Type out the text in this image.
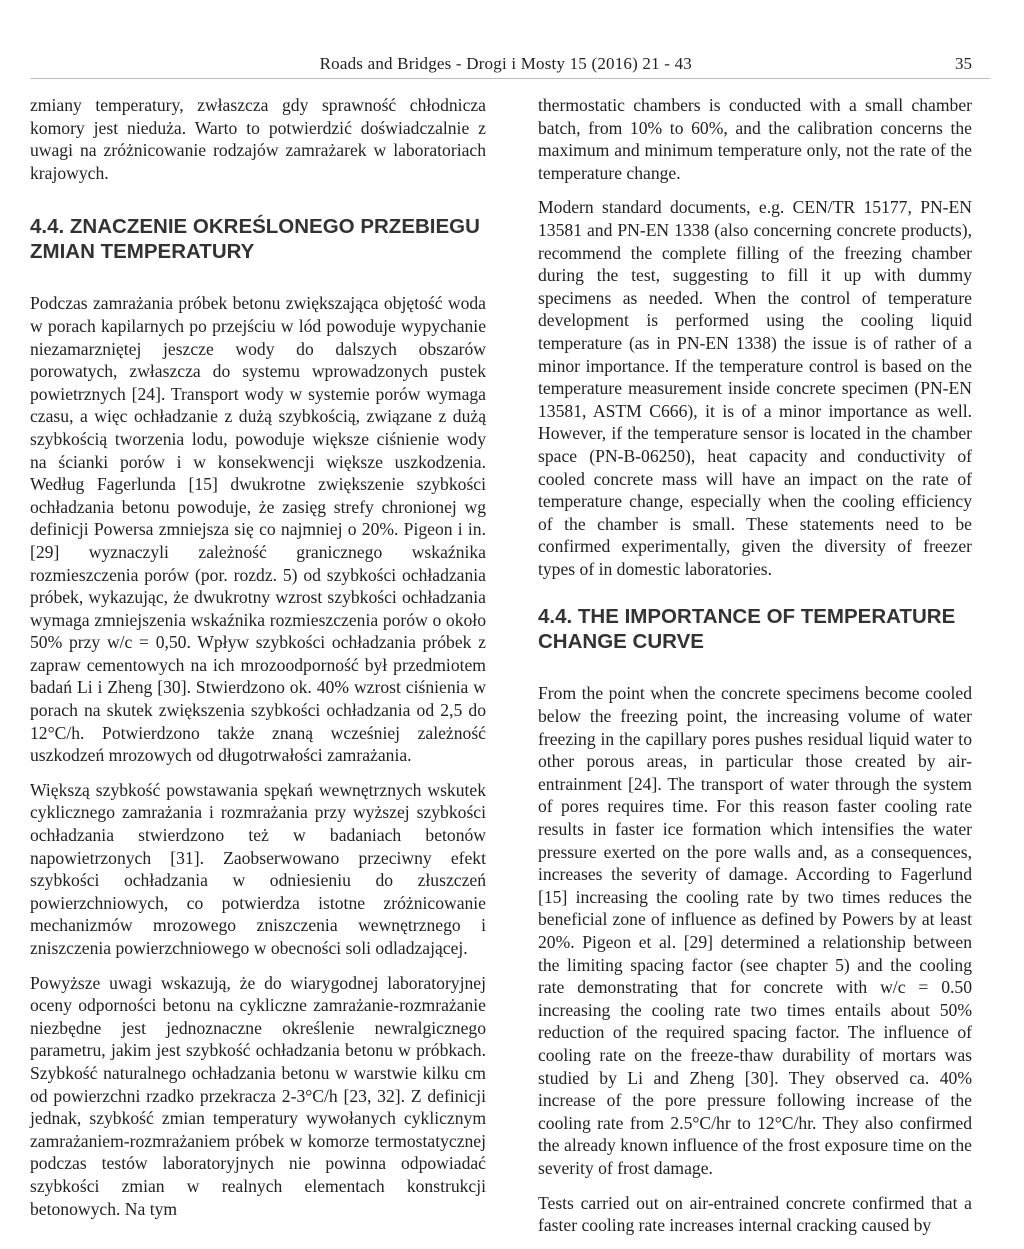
Roads and Bridges - Drogi i Mosty 15 (2016) 21 - 43	35

zmiany temperatury, zwłaszcza gdy sprawność chłodnicza komory jest nieduża. Warto to potwierdzić doświadczalnie z uwagi na zróżnicowanie rodzajów zamrażarek w laboratoriach krajowych.

4.4. ZNACZENIE OKREŚLONEGO PRZEBIEGU ZMIAN TEMPERATURY

Podczas zamrażania próbek betonu zwiększająca objętość woda w porach kapilarnych po przejściu w lód powoduje wypychanie niezamarzniętej jeszcze wody do dalszych obszarów porowatych, zwłaszcza do systemu wprowadzonych pustek powietrznych [24]. Transport wody w systemie porów wymaga czasu, a więc ochładzanie z dużą szybkością, związane z dużą szybkością tworzenia lodu, powoduje większe ciśnienie wody na ścianki porów i w konsekwencji większe uszkodzenia. Według Fagerlunda [15] dwukrotne zwiększenie szybkości ochładzania betonu powoduje, że zasięg strefy chronionej wg definicji Powersa zmniejsza się co najmniej o 20%. Pigeon i in. [29] wyznaczyli zależność granicznego wskaźnika rozmieszczenia porów (por. rozdz. 5) od szybkości ochładzania próbek, wykazując, że dwukrotny wzrost szybkości ochładzania wymaga zmniejszenia wskaźnika rozmieszczenia porów o około 50% przy w/c = 0,50. Wpływ szybkości ochładzania próbek z zapraw cementowych na ich mrozoodporność był przedmiotem badań Li i Zheng [30]. Stwierdzono ok. 40% wzrost ciśnienia w porach na skutek zwiększenia szybkości ochładzania od 2,5 do 12°C/h. Potwierdzono także znaną wcześniej zależność uszkodzeń mrozowych od długotrwałości zamrażania.

Większą szybkość powstawania spękań wewnętrznych wskutek cyklicznego zamrażania i rozmrażania przy wyższej szybkości ochładzania stwierdzono też w badaniach betonów napowietrzonych [31]. Zaobserwowano przeciwny efekt szybkości ochładzania w odniesieniu do złuszczeń powierzchniowych, co potwierdza istotne zróżnicowanie mechanizmów mrozowego zniszczenia wewnętrznego i zniszczenia powierzchniowego w obecności soli odladzającej.

Powyższe uwagi wskazują, że do wiarygodnej laboratoryjnej oceny odporności betonu na cykliczne zamrażanie-rozmrażanie niezbędne jest jednoznaczne określenie newralgicznego parametru, jakim jest szybkość ochładzania betonu w próbkach. Szybkość naturalnego ochładzania betonu w warstwie kilku cm od powierzchni rzadko przekracza 2-3°C/h [23, 32]. Z definicji jednak, szybkość zmian temperatury wywołanych cyklicznym zamrażaniem-rozmrażaniem próbek w komorze termostatycznej podczas testów laboratoryjnych nie powinna odpowiadać szybkości zmian w realnych elementach konstrukcji betonowych. Na tym

thermostatic chambers is conducted with a small chamber batch, from 10% to 60%, and the calibration concerns the maximum and minimum temperature only, not the rate of the temperature change.

Modern standard documents, e.g. CEN/TR 15177, PN-EN 13581 and PN-EN 1338 (also concerning concrete products), recommend the complete filling of the freezing chamber during the test, suggesting to fill it up with dummy specimens as needed. When the control of temperature development is performed using the cooling liquid temperature (as in PN-EN 1338) the issue is of rather of a minor importance. If the temperature control is based on the temperature measurement inside concrete specimen (PN-EN 13581, ASTM C666), it is of a minor importance as well. However, if the temperature sensor is located in the chamber space (PN-B-06250), heat capacity and conductivity of cooled concrete mass will have an impact on the rate of temperature change, especially when the cooling efficiency of the chamber is small. These statements need to be confirmed experimentally, given the diversity of freezer types of in domestic laboratories.

4.4. THE IMPORTANCE OF TEMPERATURE CHANGE CURVE

From the point when the concrete specimens become cooled below the freezing point, the increasing volume of water freezing in the capillary pores pushes residual liquid water to other porous areas, in particular those created by air-entrainment [24]. The transport of water through the system of pores requires time. For this reason faster cooling rate results in faster ice formation which intensifies the water pressure exerted on the pore walls and, as a consequences, increases the severity of damage. According to Fagerlund [15] increasing the cooling rate by two times reduces the beneficial zone of influence as defined by Powers by at least 20%. Pigeon et al. [29] determined a relationship between the limiting spacing factor (see chapter 5) and the cooling rate demonstrating that for concrete with w/c = 0.50 increasing the cooling rate two times entails about 50% reduction of the required spacing factor. The influence of cooling rate on the freeze-thaw durability of mortars was studied by Li and Zheng [30]. They observed ca. 40% increase of the pore pressure following increase of the cooling rate from 2.5°C/hr to 12°C/hr. They also confirmed the already known influence of the frost exposure time on the severity of frost damage.

Tests carried out on air-entrained concrete confirmed that a faster cooling rate increases internal cracking caused by
